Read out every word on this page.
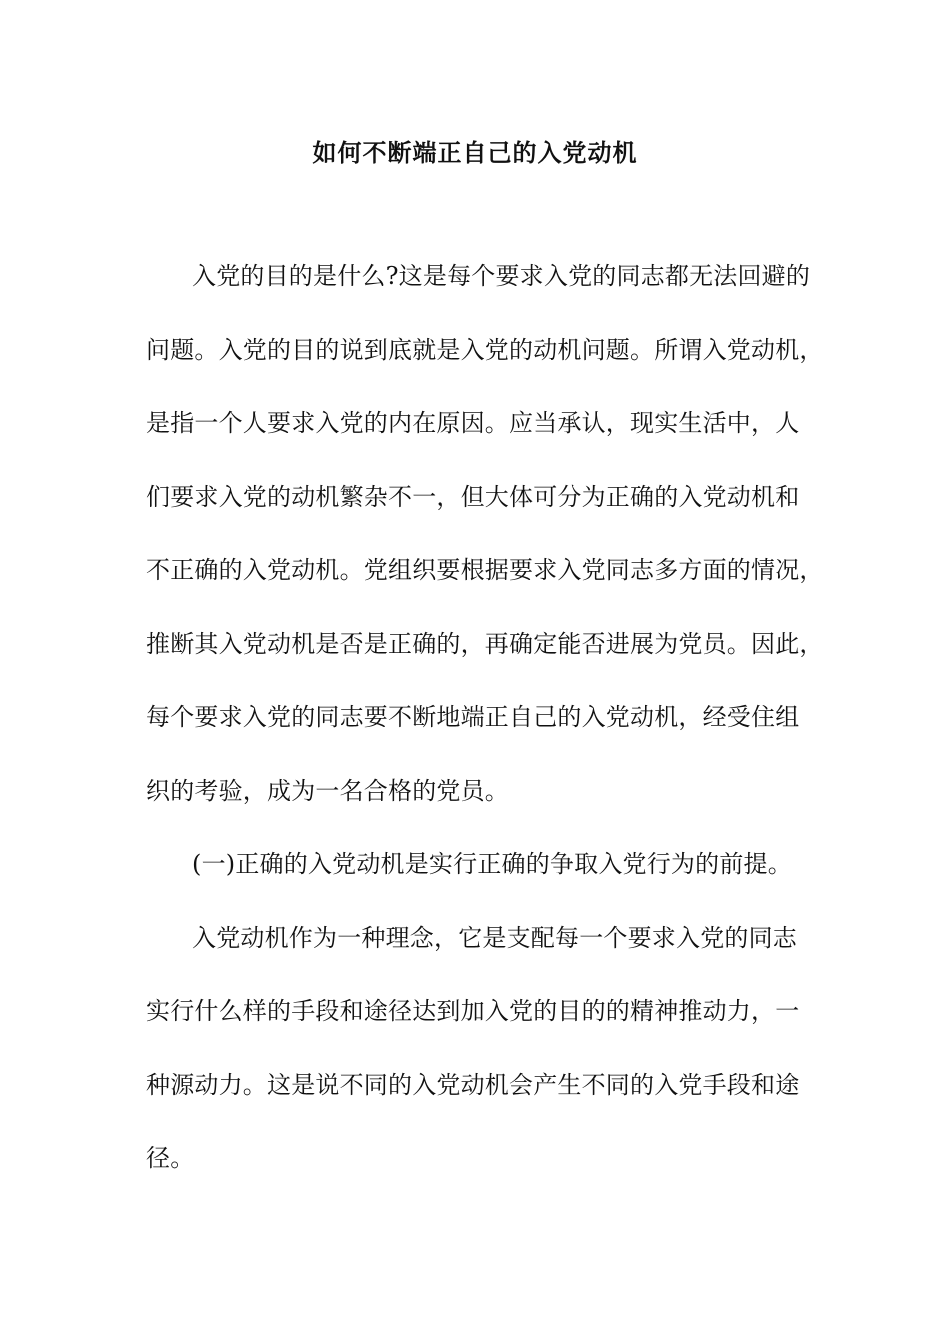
如何不断端正自己的入党动机
入党的目的是什么?这是每个要求入党的同志都无法回避的
问题。入党的目的说到底就是入党的动机问题。所谓入党动机，
是指一个人要求入党的内在原因。应当承认，现实生活中，人
们要求入党的动机繁杂不一，但大体可分为正确的入党动机和
不正确的入党动机。党组织要根据要求入党同志多方面的情况，
推断其入党动机是否是正确的，再确定能否进展为党员。因此，
每个要求入党的同志要不断地端正自己的入党动机，经受住组
织的考验，成为一名合格的党员。
(一)正确的入党动机是实行正确的争取入党行为的前提。
入党动机作为一种理念，它是支配每一个要求入党的同志
实行什么样的手段和途径达到加入党的目的的精神推动力，一
种源动力。这是说不同的入党动机会产生不同的入党手段和途
径。
